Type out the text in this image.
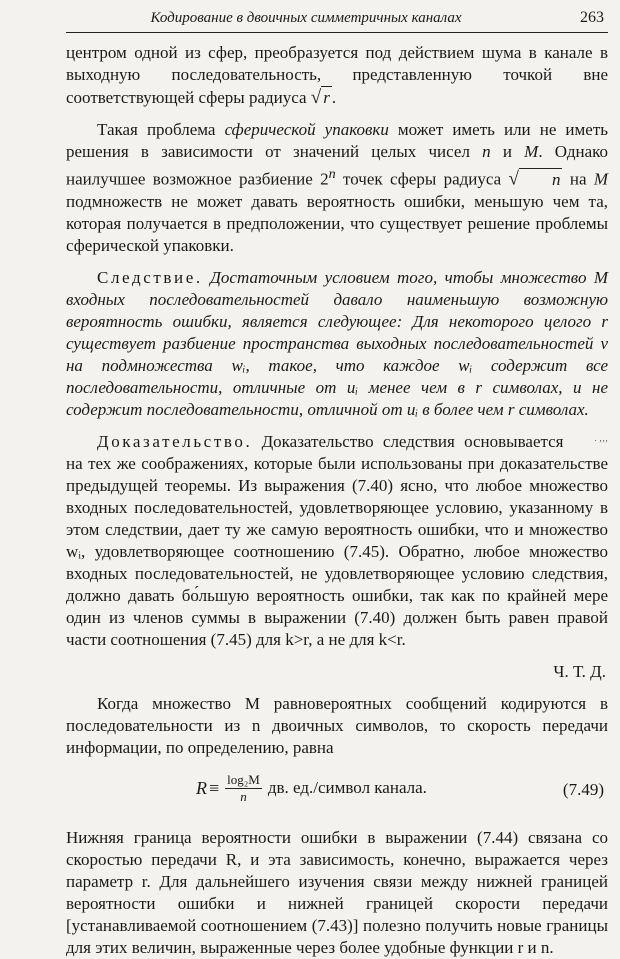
Кодирование в двоичных симметричных каналах	263

центром одной из сфер, преобразуется под действием шума в канале в выходную последовательность, представленную точкой вне соответствующей сферы радиуса √ r .

Такая проблема сферической упаковки может иметь или не иметь решения в зависимости от значений целых чисел n и M. Однако наилучшее возможное разбиение 2$^n$ точек сферы радиуса √ n на M подмножеств не может давать вероятность ошибки, меньшую чем та, которая получается в предположении, что существует решение проблемы сферической упаковки.

Следствие. Достаточным условием того, чтобы множество M входных последовательностей давало наименьшую возможную вероятность ошибки, является следующее: Для некоторого целого r существует разбиение пространства выходных последовательностей v на подмножества wᵢ, такое, что каждое wᵢ содержит все последовательности, отличные от uᵢ менее чем в r символах, и не содержит последовательности, отличной от uᵢ в более чем r символах.
. ‚‚‚

Доказательство. Доказательство следствия основывается на тех же соображениях, которые были использованы при доказательстве предыдущей теоремы. Из выражения (7.40) ясно, что любое множество входных последовательностей, удовлетворяющее условию, указанному в этом следствии, дает ту же самую вероятность ошибки, что и множество wᵢ, удовлетворяющее соотношению (7.45). Обратно, любое множество входных последовательностей, не удовлетворяющее условию следствия, должно давать бо́льшую вероятность ошибки, так как по крайней мере один из членов суммы в выражении (7.40) должен быть равен правой части соотношения (7.45) для k>r, а не для k<r.

Ч. Т. Д.

Когда множество M равновероятных сообщений кодируются в последовательности из n двоичных символов, то скорость передачи информации, по определению, равна

$R \equiv \frac{\text{log₂M}}{n}$ дв. ед./символ канала.	(7.49)

Нижняя граница вероятности ошибки в выражении (7.44) связана со скоростью передачи R, и эта зависимость, конечно, выражается через параметр r. Для дальнейшего изучения связи между нижней границей вероятности ошибки и нижней границей скорости передачи [устанавливаемой соотношением (7.43)] полезно получить новые границы для этих величин, выраженные через более удобные функции r и n.
